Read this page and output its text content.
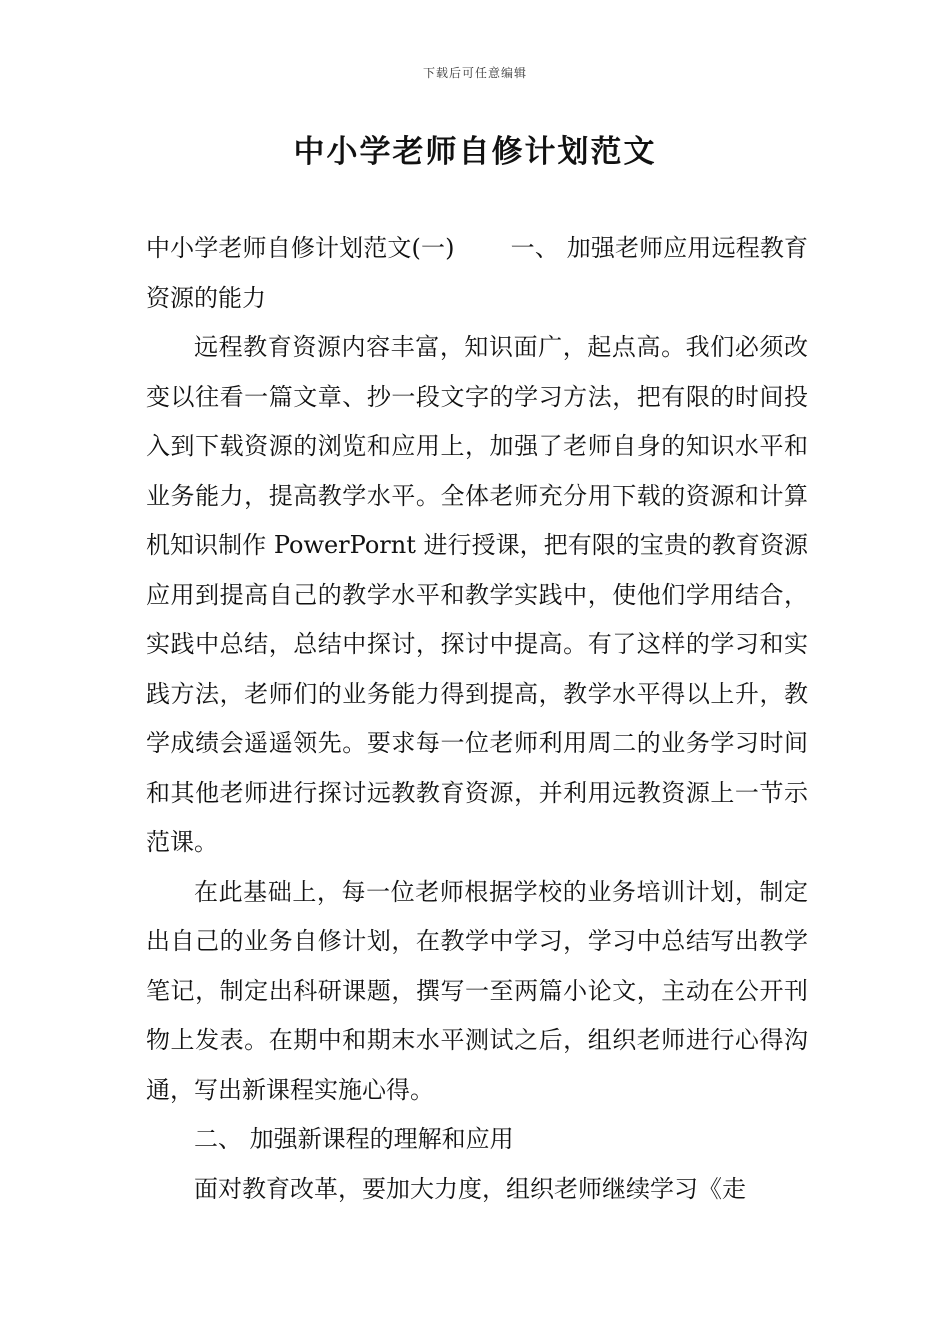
下载后可任意编辑
中小学老师自修计划范文

中小学老师自修计划范文(一) 一、 加强老师应用远程教育资源的能力

远程教育资源内容丰富，知识面广，起点高。我们必须改变以往看一篇文章、抄一段文字的学习方法，把有限的时间投入到下载资源的浏览和应用上，加强了老师自身的知识水平和业务能力，提高教学水平。全体老师充分用下载的资源和计算机知识制作 PowerPornt 进行授课，把有限的宝贵的教育资源应用到提高自己的教学水平和教学实践中，使他们学用结合，实践中总结，总结中探讨，探讨中提高。有了这样的学习和实践方法，老师们的业务能力得到提高，教学水平得以上升，教学成绩会遥遥领先。要求每一位老师利用周二的业务学习时间和其他老师进行探讨远教教育资源，并利用远教资源上一节示范课。

在此基础上，每一位老师根据学校的业务培训计划，制定出自己的业务自修计划，在教学中学习，学习中总结写出教学笔记，制定出科研课题，撰写一至两篇小论文，主动在公开刊物上发表。在期中和期末水平测试之后，组织老师进行心得沟通，写出新课程实施心得。

二、 加强新课程的理解和应用

面对教育改革，要加大力度，组织老师继续学习《走
